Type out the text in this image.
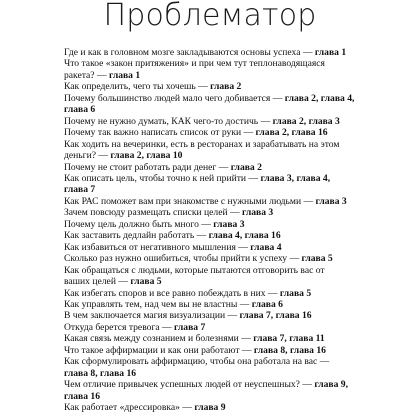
Проблематор
Где и как в головном мозге закладываются основы успеха — глава 1
Что такое «закон притяжения» и при чем тут теплонаводящаяся
ракета? — глава 1
Как определить, чего ты хочешь — глава 2
Почему большинство людей мало чего добивается — глава 2, глава 4,
глава 6
Почему не нужно думать, КАК чего-то достичь — глава 2, глава 3
Почему так важно написать список от руки — глава 2, глава 16
Как ходить на вечеринки, есть в ресторанах и зарабатывать на этом
деньги? — глава 2, глава 10
Почему не стоит работать ради денег — глава 2
Как описать цель, чтобы точно к ней прийти — глава 3, глава 4,
глава 7
Как РАС поможет вам при знакомстве с нужными людьми — глава 3
Зачем повсюду размещать списки целей — глава 3
Почему цель должно быть много — глава 3
Как заставить дедлайн работать — глава 4, глава 16
Как избавиться от негативного мышления — глава 4
Сколько раз нужно ошибиться, чтобы прийти к успеху — глава 5
Как обращаться с людьми, которые пытаются отговорить вас от
ваших целей — глава 5
Как избегать споров и все равно побеждать в них — глава 5
Как управлять тем, над чем вы не властны — глава 6
В чем заключается магия визуализации — глава 7, глава 16
Откуда берется тревога — глава 7
Какая связь между сознанием и болезнями — глава 7, глава 11
Что такое аффирмации и как они работают — глава 8, глава 16
Как сформулировать аффирмацию, чтобы она работала на вас —
глава 8, глава 16
Чем отличие привычек успешных людей от неуспешных? — глава 9,
глава 16
Как работает «дрессировка» — глава 9
